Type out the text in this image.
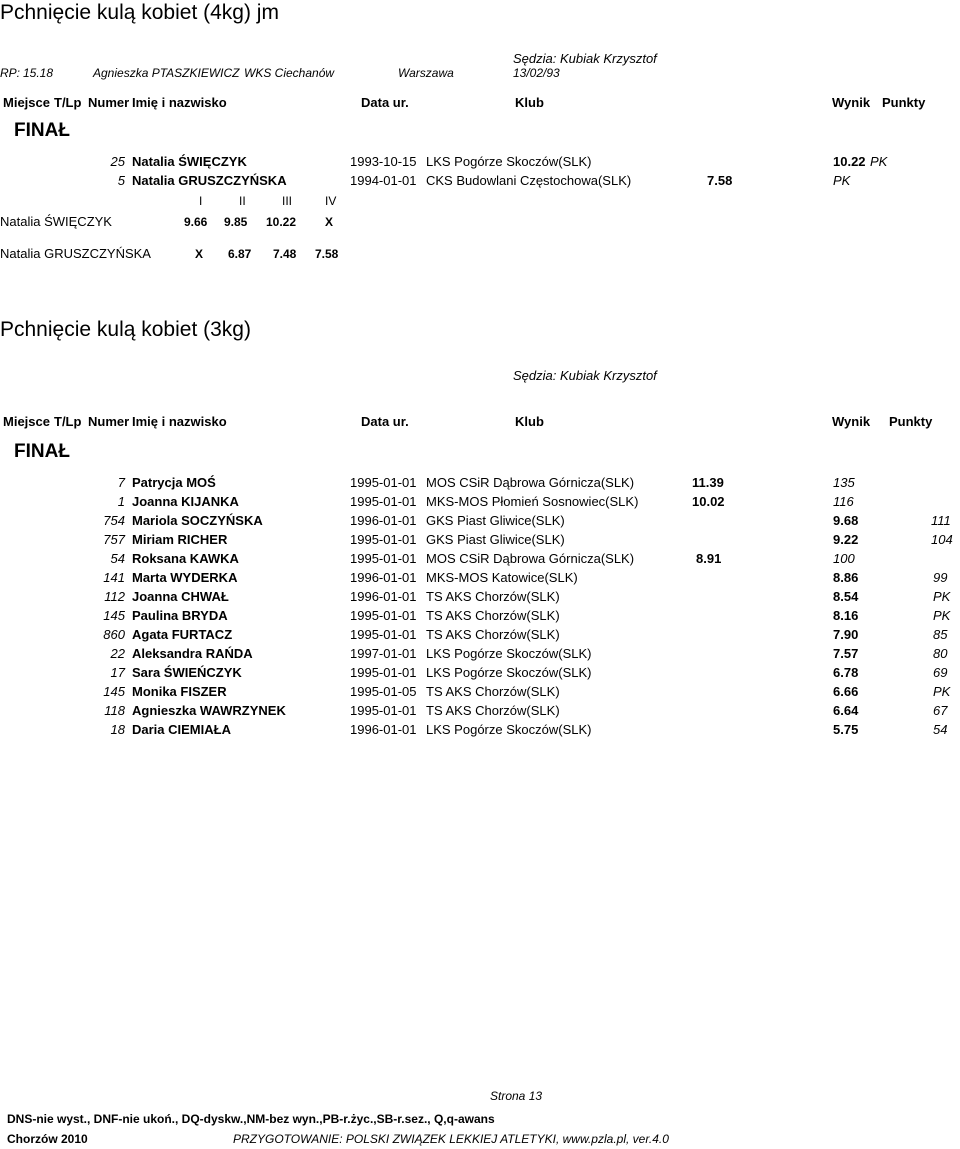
Pchnięcie kulą kobiet (4kg) jm
Sędzia: Kubiak Krzysztof
RP: 15.18	Agnieszka PTASZKIEWICZ WKS Ciechanów	Warszawa	13/02/93
Miejsce T/Lp Numer Imię i nazwisko	Data ur.	Klub	Wynik Punkty
FINAŁ
25 Natalia ŚWIĘCZYK	1993-10-15 LKS Pogórze Skoczów(SLK)	10.22 PK
5 Natalia GRUSZCZYŃSKA	1994-01-01 CKS Budowlani Częstochowa(SLK)	7.58	PK
I	II	III	IV
Natalia ŚWIĘCZYK	9.66 9.85 10.22 X
Natalia GRUSZCZYŃSKA	X 6.87 7.48 7.58
Pchnięcie kulą kobiet (3kg)
Sędzia: Kubiak Krzysztof
Miejsce T/Lp Numer Imię i nazwisko	Data ur.	Klub	Wynik Punkty
FINAŁ
7 Patrycja MOŚ	1995-01-01 MOS CSiR Dąbrowa Górnicza(SLK)	11.39	135
1 Joanna KIJANKA	1995-01-01 MKS-MOS Płomień Sosnowiec(SLK)	10.02	116
754 Mariola SOCZYŃSKA	1996-01-01 GKS Piast Gliwice(SLK)	9.68	111
757 Miriam RICHER	1995-01-01 GKS Piast Gliwice(SLK)	9.22	104
54 Roksana KAWKA	1995-01-01 MOS CSiR Dąbrowa Górnicza(SLK)	8.91	100
141 Marta WYDERKA	1996-01-01 MKS-MOS Katowice(SLK)	8.86	99
112 Joanna CHWAŁ	1996-01-01 TS AKS Chorzów(SLK)	8.54	PK
145 Paulina BRYDA	1995-01-01 TS AKS Chorzów(SLK)	8.16	PK
860 Agata FURTACZ	1995-01-01 TS AKS Chorzów(SLK)	7.90	85
22 Aleksandra RAŃDA	1997-01-01 LKS Pogórze Skoczów(SLK)	7.57	80
17 Sara ŚWIEŃCZYK	1995-01-01 LKS Pogórze Skoczów(SLK)	6.78	69
145 Monika FISZER	1995-01-05 TS AKS Chorzów(SLK)	6.66	PK
118 Agnieszka WAWRZYNEK	1995-01-01 TS AKS Chorzów(SLK)	6.64	67
18 Daria CIEMIAŁA	1996-01-01 LKS Pogórze Skoczów(SLK)	5.75	54
Strona 13
DNS-nie wyst., DNF-nie ukoń., DQ-dyskw.,NM-bez wyn.,PB-r.życ.,SB-r.sez., Q,q-awans
Chorzów 2010	PRZYGOTOWANIE: POLSKI ZWIĄZEK LEKKIEJ ATLETYKI, www.pzla.pl, ver.4.0
